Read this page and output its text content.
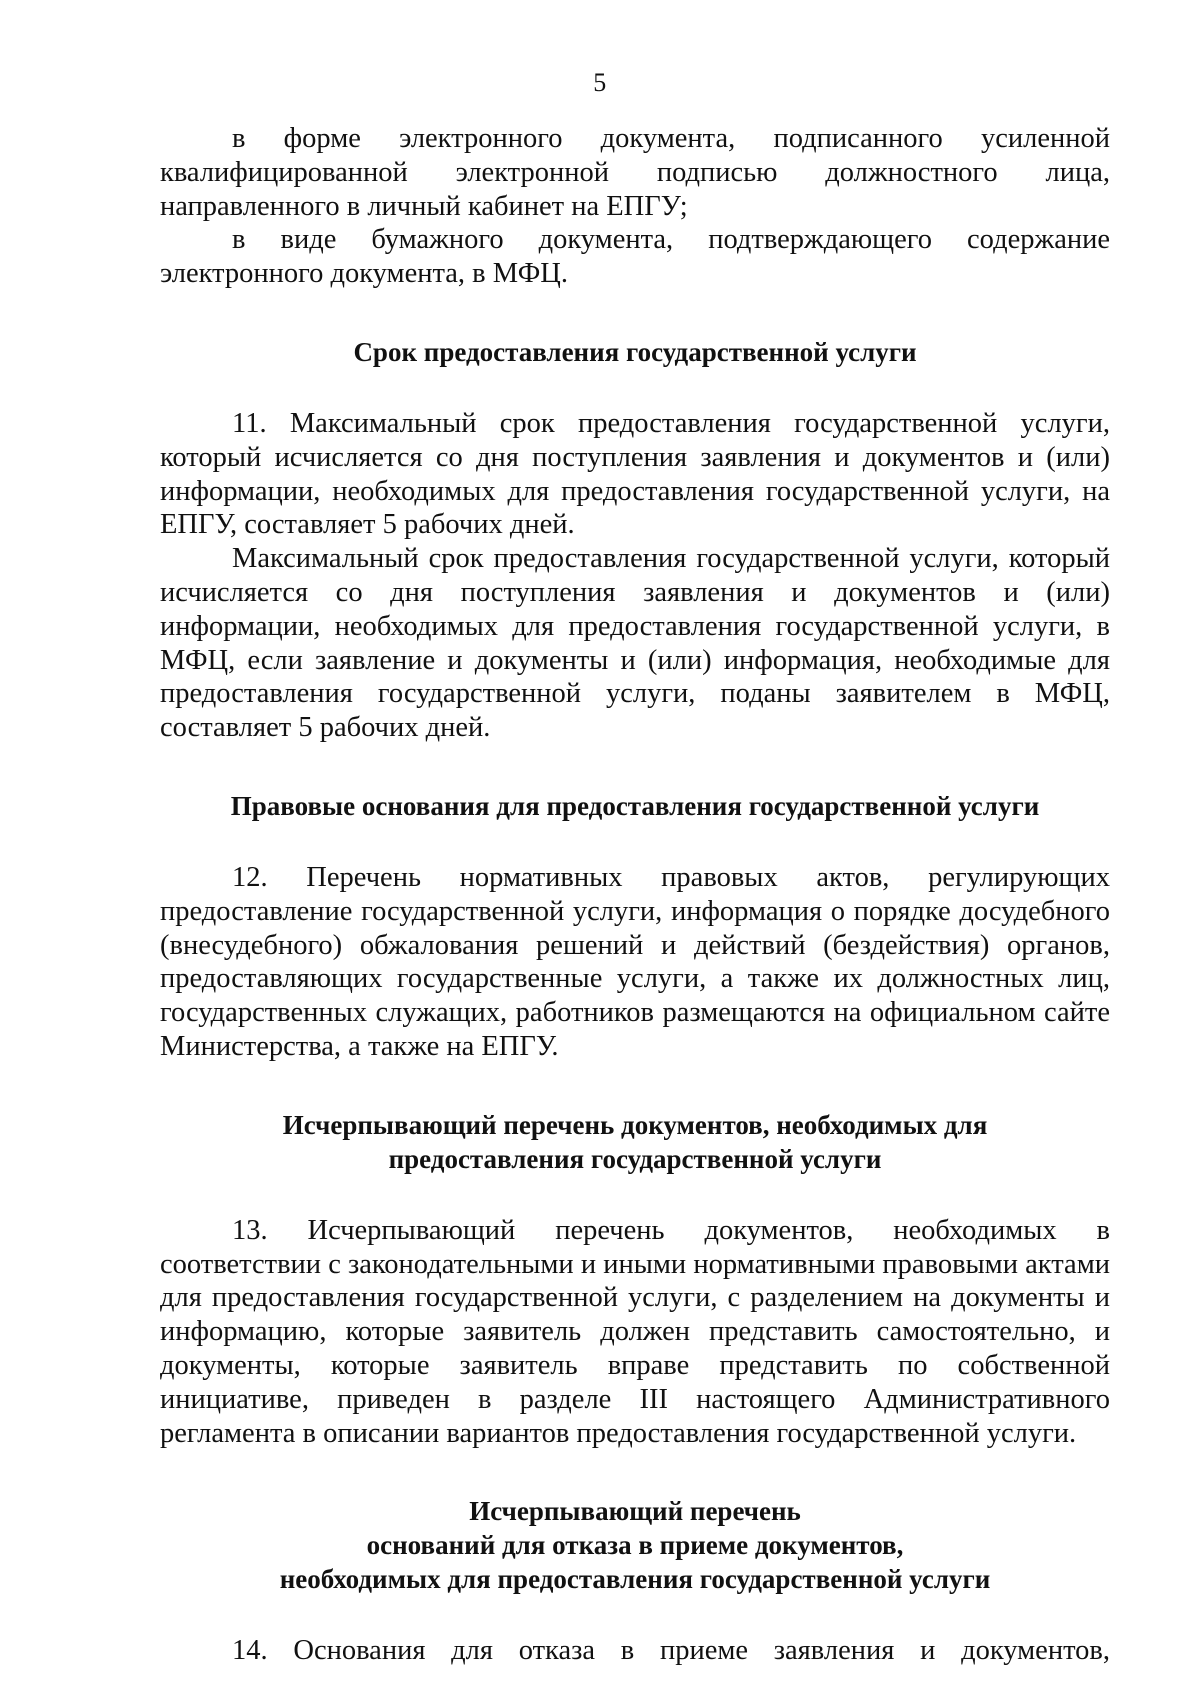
5

в форме электронного документа, подписанного усиленной квалифицированной электронной подписью должностного лица, направленного в личный кабинет на ЕПГУ;

в виде бумажного документа, подтверждающего содержание электронного документа, в МФЦ.

Срок предоставления государственной услуги

11. Максимальный срок предоставления государственной услуги, который исчисляется со дня поступления заявления и документов и (или) информации, необходимых для предоставления государственной услуги, на ЕПГУ, составляет 5 рабочих дней.

Максимальный срок предоставления государственной услуги, который исчисляется со дня поступления заявления и документов и (или) информации, необходимых для предоставления государственной услуги, в МФЦ, если заявление и документы и (или) информация, необходимые для предоставления государственной услуги, поданы заявителем в МФЦ, составляет 5 рабочих дней.

Правовые основания для предоставления государственной услуги

12. Перечень нормативных правовых актов, регулирующих предоставление государственной услуги, информация о порядке досудебного (внесудебного) обжалования решений и действий (бездействия) органов, предоставляющих государственные услуги, а также их должностных лиц, государственных служащих, работников размещаются на официальном сайте Министерства, а также на ЕПГУ.

Исчерпывающий перечень документов, необходимых для
предоставления государственной услуги

13. Исчерпывающий перечень документов, необходимых в соответствии с законодательными и иными нормативными правовыми актами для предоставления государственной услуги, с разделением на документы и информацию, которые заявитель должен представить самостоятельно, и документы, которые заявитель вправе представить по собственной инициативе, приведен в разделе III настоящего Административного регламента в описании вариантов предоставления государственной услуги.

Исчерпывающий перечень
оснований для отказа в приеме документов,
необходимых для предоставления государственной услуги

14. Основания для отказа в приеме заявления и документов,
